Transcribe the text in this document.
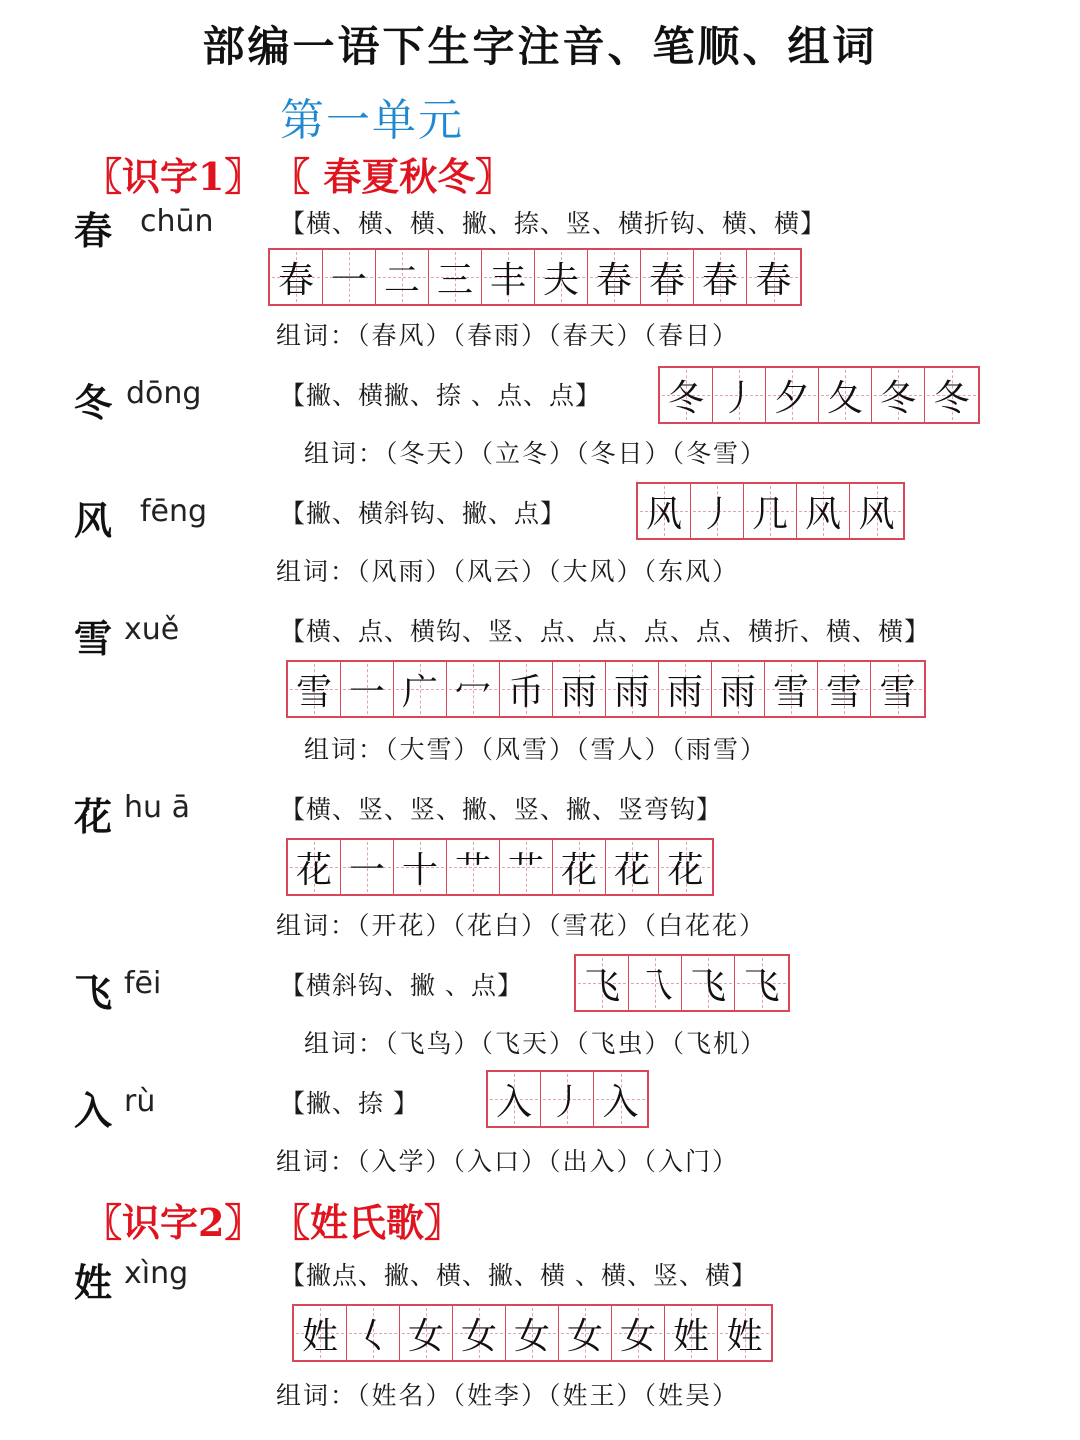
部编一语下生字注音、笔顺、组词
第一单元
〖识字1〗 〖 春夏秋冬〗
春 chūn	【横、横、横、撇、捺、竖、横折钩、横、横】
春 一 二 三 丰 夫 春 春 春 春
组词：（春风）（春雨）（春天）（春日）
冬 dōng	【撇、横撇、捺 、点、点】 冬 丿 夕 夂 冬 冬
组词：（冬天）（立冬）（冬日）（冬雪）
风 fēng	【撇、横斜钩、撇、点】 风 丿 几 风 风
组词：（风雨）（风云）（大风）（东风）
雪 xuě	【横、点、横钩、竖、点、点、点、点、横折、横、横】
雪 一 广 冖 币 雨 雨 雨 雨 雪 雪 雪
组词：（大雪）（风雪）（雪人）（雨雪）
花 hu ā	【横、竖、竖、撇、竖、撇、竖弯钩】
花 一 十 艹 艹 花 花 花
组词：（开花）（花白）（雪花）（白花花）
飞 fēi	【横斜钩、撇 、点】 飞 乁 飞 飞
组词：（飞鸟）（飞天）（飞虫）（飞机）
入 rù	【撇、捺 】 入 丿 入
组词：（入学）（入口）（出入）（入门）
〖识字2〗 〖姓氏歌〗
姓 xìng	【撇点、撇、横、撇、横 、横、竖、横】
姓 𡿨 女 女 女 女 女 姓 姓
组词：（姓名）（姓李）（姓王）（姓吴）
